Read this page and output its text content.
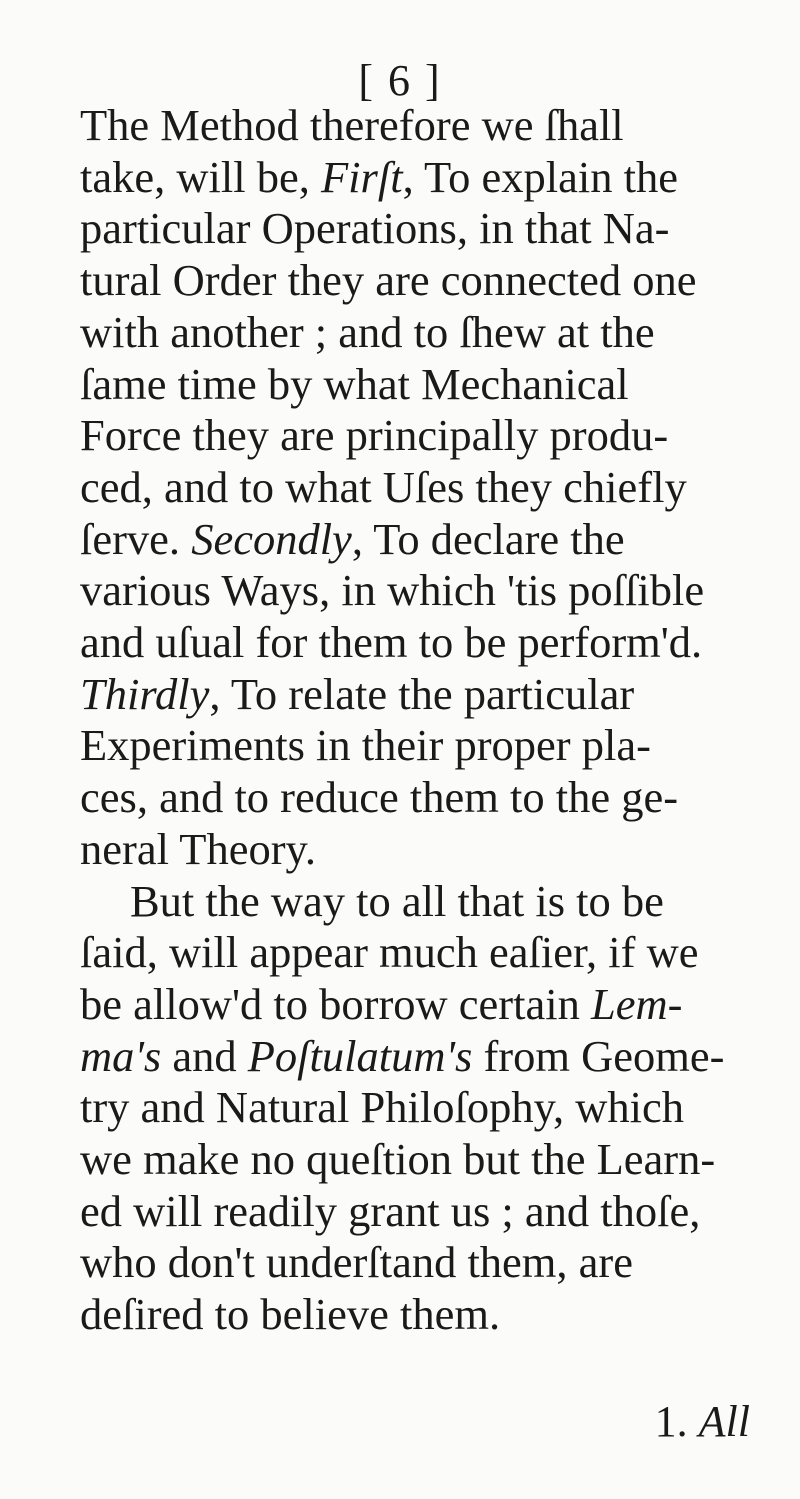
[ 6 ]
The Method therefore we ſhall
take, will be, Firſt, To explain the
particular Operations, in that Na-
tural Order they are connected one
with another ; and to ſhew at the
ſame time by what Mechanical
Force they are principally produ-
ced, and to what Uſes they chiefly
ſerve. Secondly, To declare the
various Ways, in which 'tis poſſible
and uſual for them to be perform'd.
Thirdly, To relate the particular
Experiments in their proper pla-
ces, and to reduce them to the ge-
neral Theory.
But the way to all that is to be
ſaid, will appear much eaſier, if we
be allow'd to borrow certain Lem-
ma's and Poſtulatum's from Geome-
try and Natural Philoſophy, which
we make no queſtion but the Learn-
ed will readily grant us ; and thoſe,
who don't underſtand them, are
deſired to believe them.
1. All
